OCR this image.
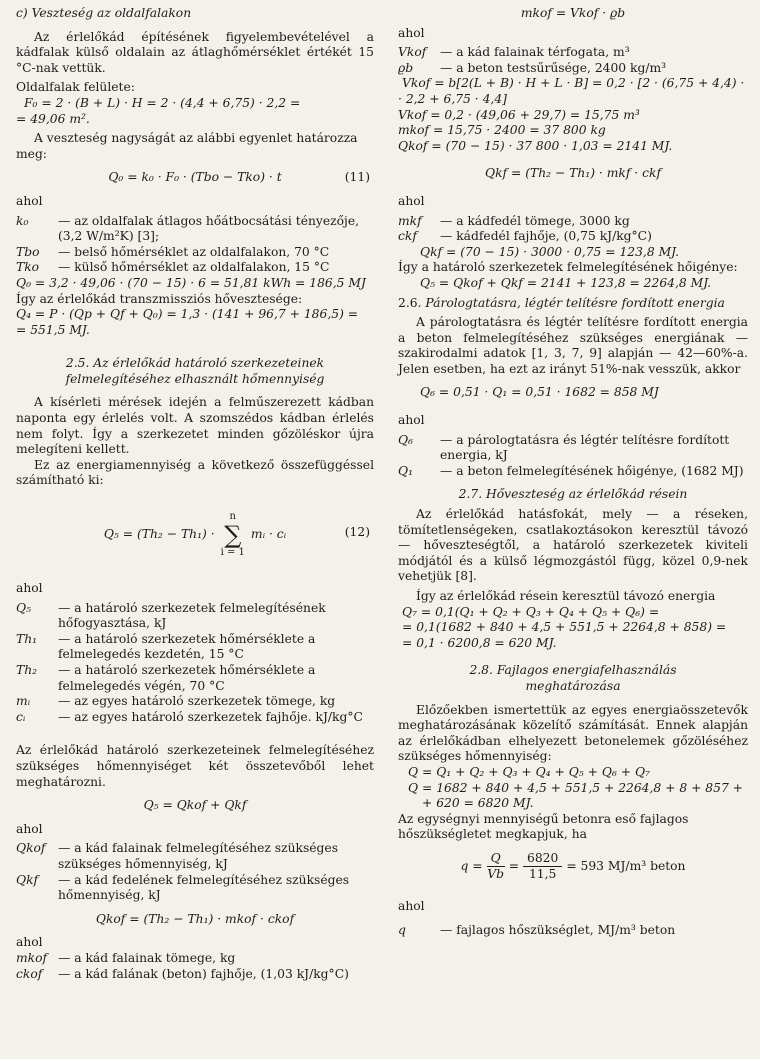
c) Veszteség az oldalfalakon

Az érlelőkád építésének figyelembevételével a kádfalak külső oldalain az átlaghőmérséklet értékét 15 °C-nak vettük.

Oldalfalak felülete:

F₀ = 2 · (B + L) · H = 2 · (4,4 + 6,75) · 2,2 =

= 49,06 m².

A veszteség nagyságát az alábbi egyenlet határozza meg:

Q₀ = k₀ · F₀ · (Tbo − Tko) · t	(11)

ahol

k₀	— az oldalfalak átlagos hőátbocsátási tényezője, (3,2 W/m²K) [3];
Tbo	— belső hőmérséklet az oldalfalakon, 70 °C
Tko	— külső hőmérséklet az oldalfalakon, 15 °C

Q₀ = 3,2 · 49,06 · (70 − 15) · 6 = 51,81 kWh = 186,5 MJ

Így az érlelőkád transzmissziós hővesztesége:

Q₄ = P · (Qp + Qf + Q₀) = 1,3 · (141 + 96,7 + 186,5) =

= 551,5 MJ.

2.5. Az érlelőkád határoló szerkezeteinek felmelegítéséhez elhasznált hőmennyiség

A kísérleti mérések idején a felműszerezett kádban naponta egy érlelés volt. A szomszédos kádban érlelés nem folyt. Így a szerkezetet minden gőzöléskor újra melegíteni kellett.

Ez az energiamennyiség a következő összefüggéssel számítható ki:

Q₅ = (Th₂ − Th₁) ·
n
∑
i = 1
mᵢ · cᵢ	(12)

ahol

Q₅	— a határoló szerkezetek felmelegítésének hőfogyasztása, kJ
Th₁	— a határoló szerkezetek hőmérséklete a felmelegedés kezdetén, 15 °C
Th₂	— a határoló szerkezetek hőmérséklete a felmelegedés végén, 70 °C
mᵢ	— az egyes határoló szerkezetek tömege, kg
cᵢ	— az egyes határoló szerkezetek fajhője. kJ/kg°C

Az érlelőkád határoló szerkezeteinek felmelegítéséhez szükséges hőmennyiséget két összetevőből lehet meghatározni.

Q₅ = Qkof + Qkf

ahol

Qkof	— a kád falainak felmelegítéséhez szükséges szükséges hőmennyiség, kJ
Qkf	— a kád fedelének felmelegítéséhez szükséges hőmennyiség, kJ

Qkof = (Th₂ − Th₁) · mkof · ckof

ahol

mkof — a kád falainak tömege, kg
ckof	— a kád falának (beton) fajhője, (1,03 kJ/kg°C)

mkof = Vkof · ϱb

ahol

Vkof	— a kád falainak térfogata, m³
ϱb	— a beton testsűrűsége, 2400 kg/m³

Vkof = b[2(L + B) · H + L · B] = 0,2 · [2 · (6,75 + 4,4) ·

· 2,2 + 6,75 · 4,4]

Vkof = 0,2 · (49,06 + 29,7) = 15,75 m³

mkof = 15,75 · 2400 = 37 800 kg

Qkof = (70 − 15) · 37 800 · 1,03 = 2141 MJ.

Qkf = (Th₂ − Th₁) · mkf · ckf

ahol

mkf	— a kádfedél tömege, 3000 kg
ckf	— kádfedél fajhője, (0,75 kJ/kg°C)

Qkf = (70 − 15) · 3000 · 0,75 = 123,8 MJ.

Így a határoló szerkezetek felmelegítésének hőigénye:

Q₅ = Qkof + Qkf = 2141 + 123,8 = 2264,8 MJ.

2.6. Párologtatásra, légtér telítésre fordított energia

A párologtatásra és légtér telítésre fordított energia a beton felmelegítéséhez szükséges energiának — szakirodalmi adatok [1, 3, 7, 9] alapján — 42—60%-a. Jelen esetben, ha ezt az irányt 51%-nak vesszük, akkor

Q₆ = 0,51 · Q₁ = 0,51 · 1682 = 858 MJ

ahol

Q₆	— a párologtatásra és légtér telítésre fordított energia, kJ
Q₁	— a beton felmelegítésének hőigénye, (1682 MJ)

2.7. Hőveszteség az érlelőkád résein

Az érlelőkád hatásfokát, mely — a réseken, tömítetlenségeken, csatlakoztásokon keresztül távozó — hőveszteségtől, a határoló szerkezetek kiviteli módjától és a külső légmozgástól függ, közel 0,9-nek vehetjük [8].

Így az érlelőkád résein keresztül távozó energia

Q₇ = 0,1(Q₁ + Q₂ + Q₃ + Q₄ + Q₅ + Q₆) =

= 0,1(1682 + 840 + 4,5 + 551,5 + 2264,8 + 858) =

= 0,1 · 6200,8 = 620 MJ.

2.8. Fajlagos energiafelhasználás meghatározása

Előzőekben ismertettük az egyes energiaösszetevők meghatározásának közelítő számítását. Ennek alapján az érlelőkádban elhelyezett betonelemek gőzöléséhez szükséges hőmennyiség:

Q = Q₁ + Q₂ + Q₃ + Q₄ + Q₅ + Q₆ + Q₇

Q = 1682 + 840 + 4,5 + 551,5 + 2264,8 + 8 + 857 +

+ 620 = 6820 MJ.

Az egységnyi mennyiségű betonra eső fajlagos hőszükségletet megkapjuk, ha

$q = \frac{Q}{Vb} = \frac{6820}{11,5} = 593$ MJ/m³ beton

ahol

q	— fajlagos hőszükséglet, MJ/m³ beton
